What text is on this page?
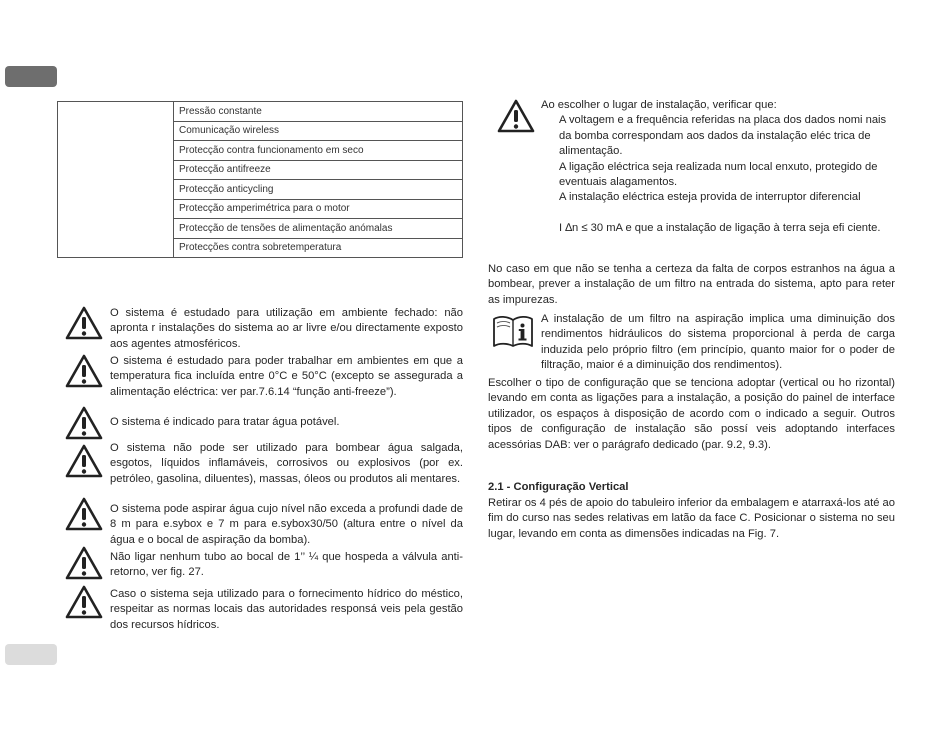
	Pressão constante
Comunicação wireless
Protecção contra funcionamento em seco
Protecção antifreeze
Protecção anticycling
Protecção amperimétrica para o motor
Protecção de tensões de alimentação anómalas
Protecções contra sobretemperatura
O sistema é estudado para utilização em ambiente fechado: não apronta r instalações do sistema ao ar livre e/ou directamente exposto aos agentes atmosféricos.
O sistema é estudado para poder trabalhar em ambientes em que a temperatura fica incluída entre 0°C e 50°C (excepto se assegurada a alimentação eléctrica: ver par.7.6.14 “função anti-freeze”).
O sistema é indicado para tratar água potável.
O sistema não pode ser utilizado para bombear água salgada, esgotos, líquidos inflamáveis, corrosivos ou explosivos (por ex. petróleo, gasolina, diluentes), massas, óleos ou produtos ali mentares.
O sistema pode aspirar água cujo nível não exceda a profundi dade de 8 m para e.sybox e 7 m para e.sybox30/50 (altura entre o nível da água e o bocal de aspiração da bomba).
Não ligar nenhum tubo ao bocal de 1’’ ¼ que hospeda a válvula anti-retorno, ver fig. 27.
Caso o sistema seja utilizado para o fornecimento hídrico do méstico, respeitar as normas locais das autoridades responsá veis pela gestão dos recursos hídricos.
Ao escolher o lugar de instalação, verificar que:
A voltagem e a frequência referidas na placa dos dados nomi nais da bomba correspondam aos dados da instalação eléc trica de alimentação.
A ligação eléctrica seja realizada num local enxuto, protegido de eventuais alagamentos.
A instalação eléctrica esteja provida de interruptor diferencial
I ∆n ≤ 30 mA e que a instalação de ligação à terra seja efi ciente.
No caso em que não se tenha a certeza da falta de corpos estranhos na água a bombear, prever a instalação de um filtro na entrada do sistema, apto para reter as impurezas.
A instalação de um filtro na aspiração implica uma diminuição dos rendimentos hidráulicos do sistema proporcional à perda de carga induzida pelo próprio filtro (em princípio, quanto maior for o poder de filtração, maior é a diminuição dos rendimentos).
Escolher o tipo de configuração que se tenciona adoptar (vertical ou ho rizontal) levando em conta as ligações para a instalação, a posição do painel de interface utilizador, os espaços à disposição de acordo com o indicado a seguir. Outros tipos de configuração de instalação são possí veis adoptando interfaces acessórias DAB: ver o parágrafo dedicado (par. 9.2, 9.3).
2.1 - Configuração Vertical
Retirar os 4 pés de apoio do tabuleiro inferior da embalagem e atarraxá-los até ao fim do curso nas sedes relativas em latão da face C. Posicionar o sistema no seu lugar, levando em conta as dimensões indicadas na Fig. 7.
